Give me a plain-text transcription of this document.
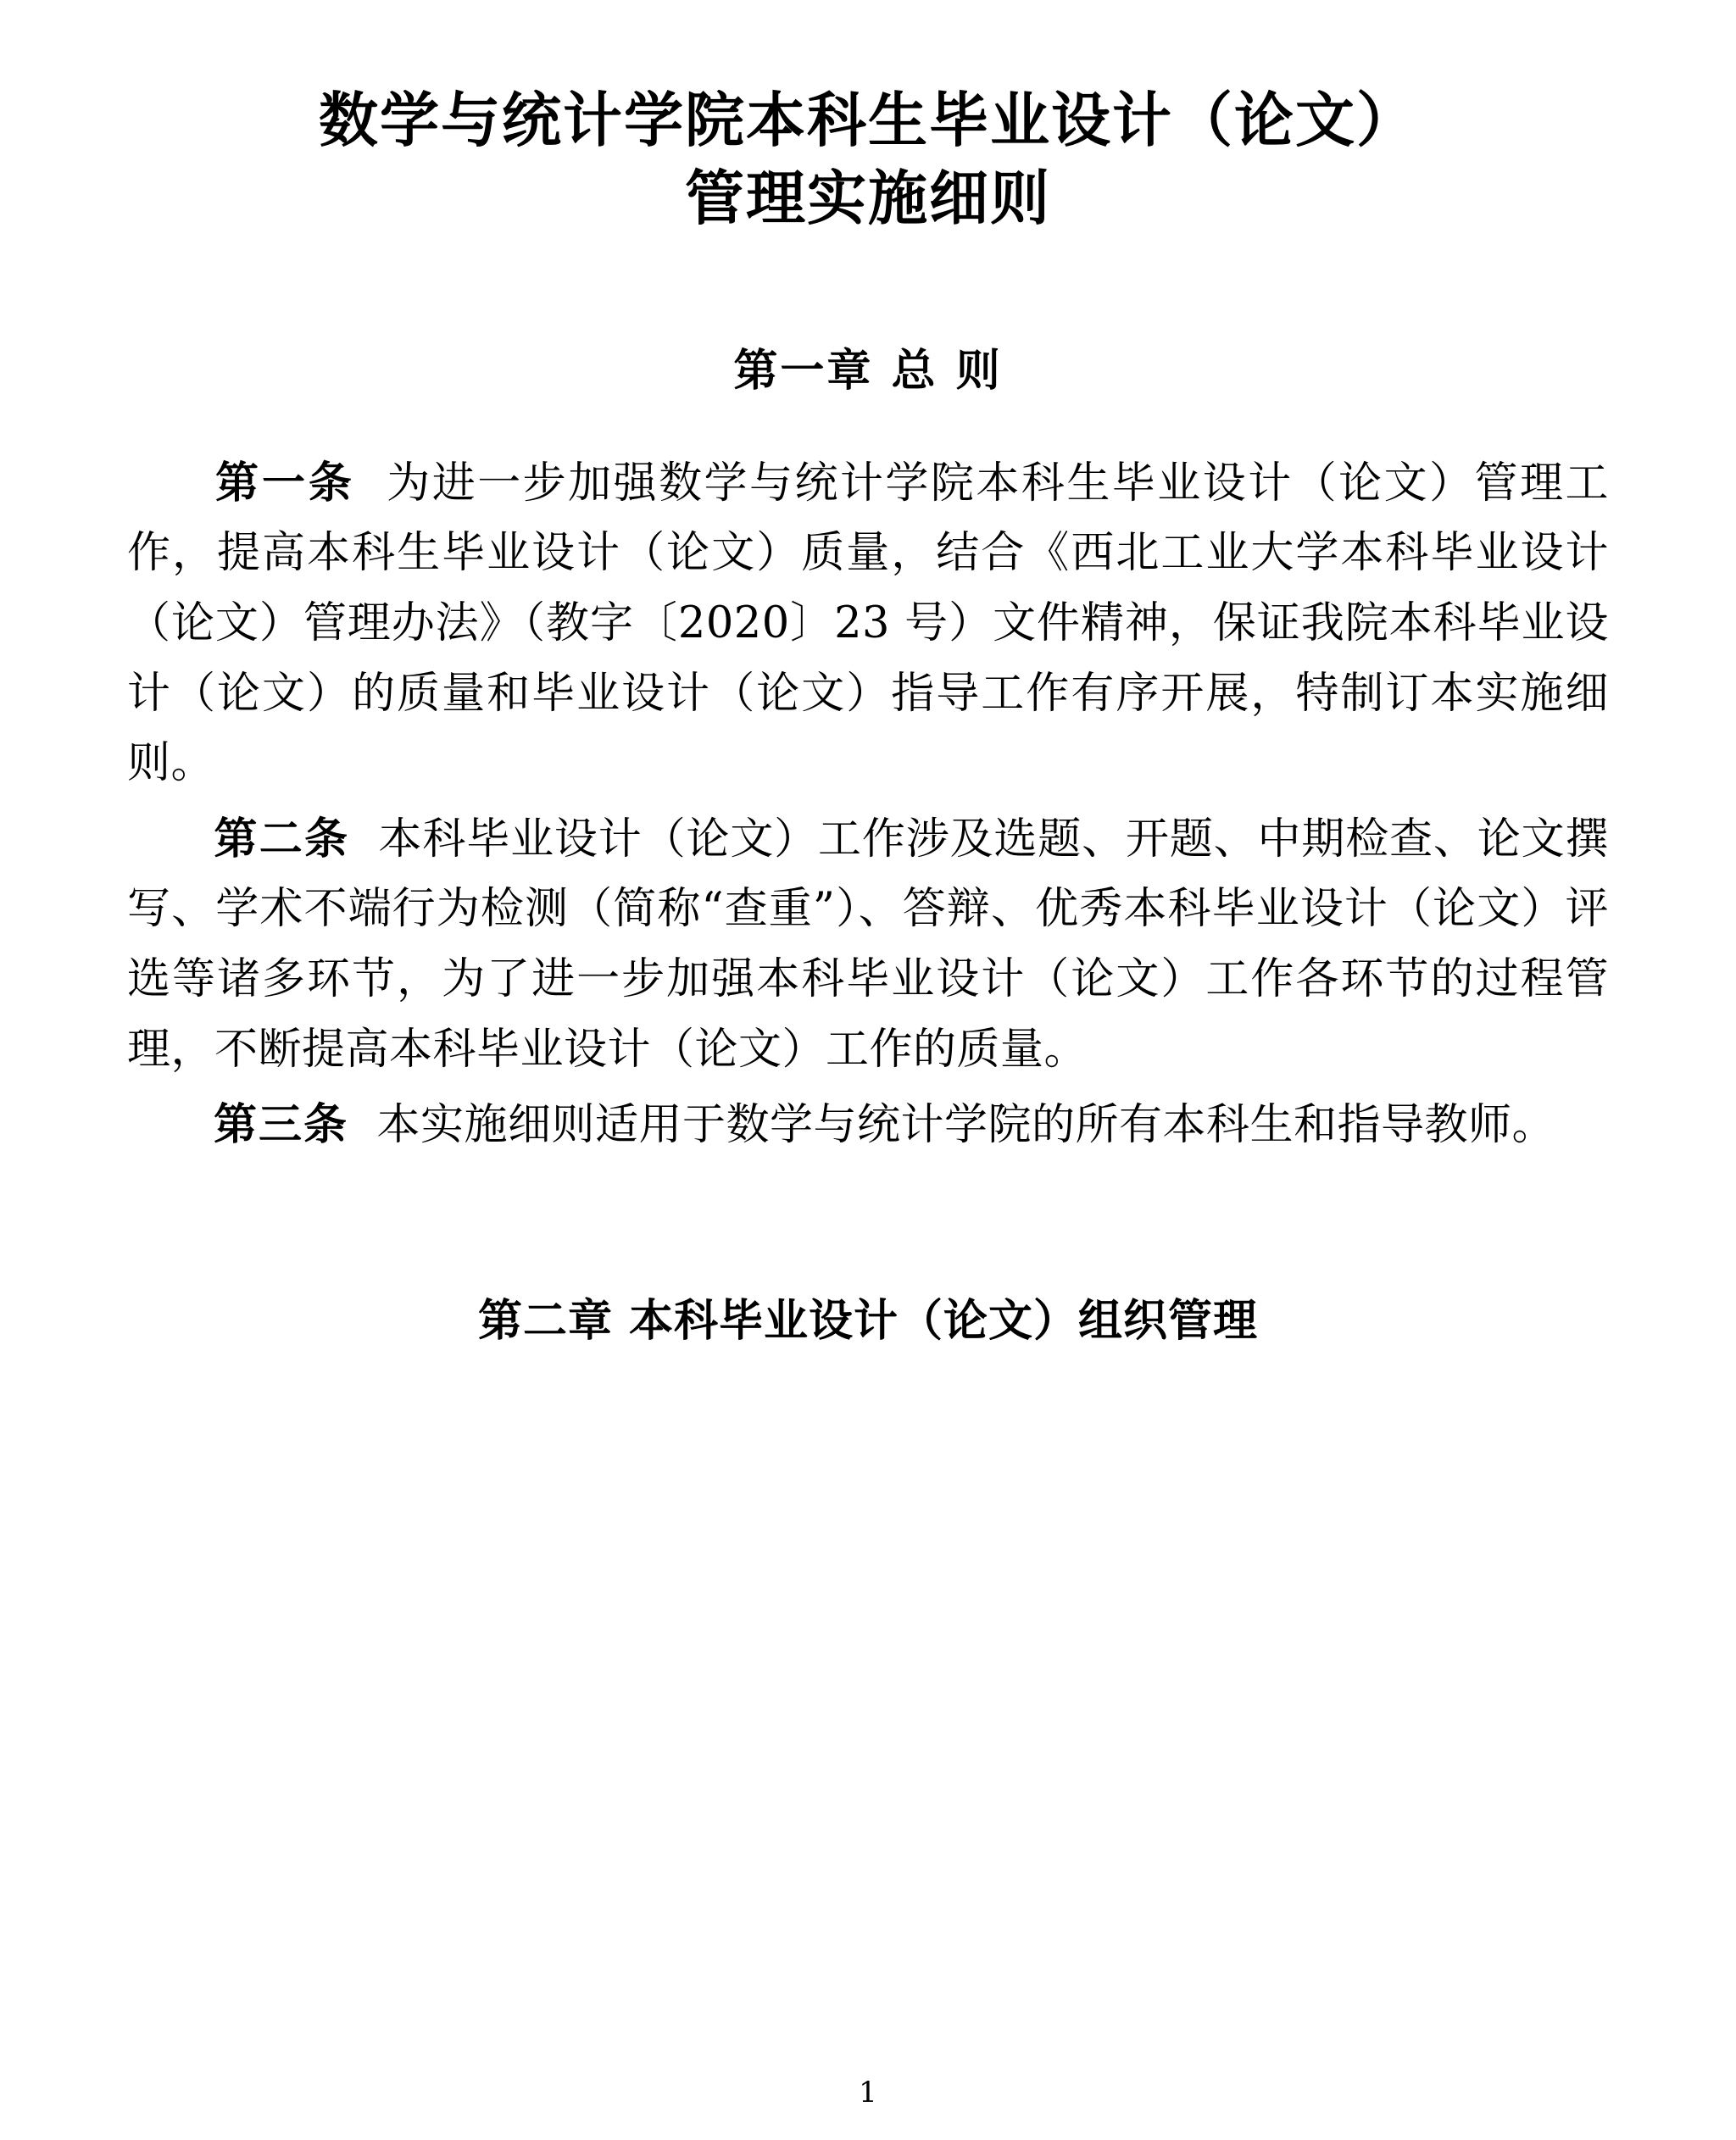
数学与统计学院本科生毕业设计（论文）
管理实施细则
第一章 总 则

第一条 为进一步加强数学与统计学院本科生毕业设计（论文）管理工作，提高本科生毕业设计（论文）质量，结合《西北工业大学本科毕业设计（论文）管理办法》（教字〔2020〕23 号）文件精神，保证我院本科毕业设计（论文）的质量和毕业设计（论文）指导工作有序开展，特制订本实施细则。

第二条 本科毕业设计（论文）工作涉及选题、开题、中期检查、论文撰写、学术不端行为检测（简称“查重”）、答辩、优秀本科毕业设计（论文）评选等诸多环节，为了进一步加强本科毕业设计（论文）工作各环节的过程管理，不断提高本科毕业设计（论文）工作的质量。

第三条 本实施细则适用于数学与统计学院的所有本科生和指导教师。

第二章 本科毕业设计（论文）组织管理
1
